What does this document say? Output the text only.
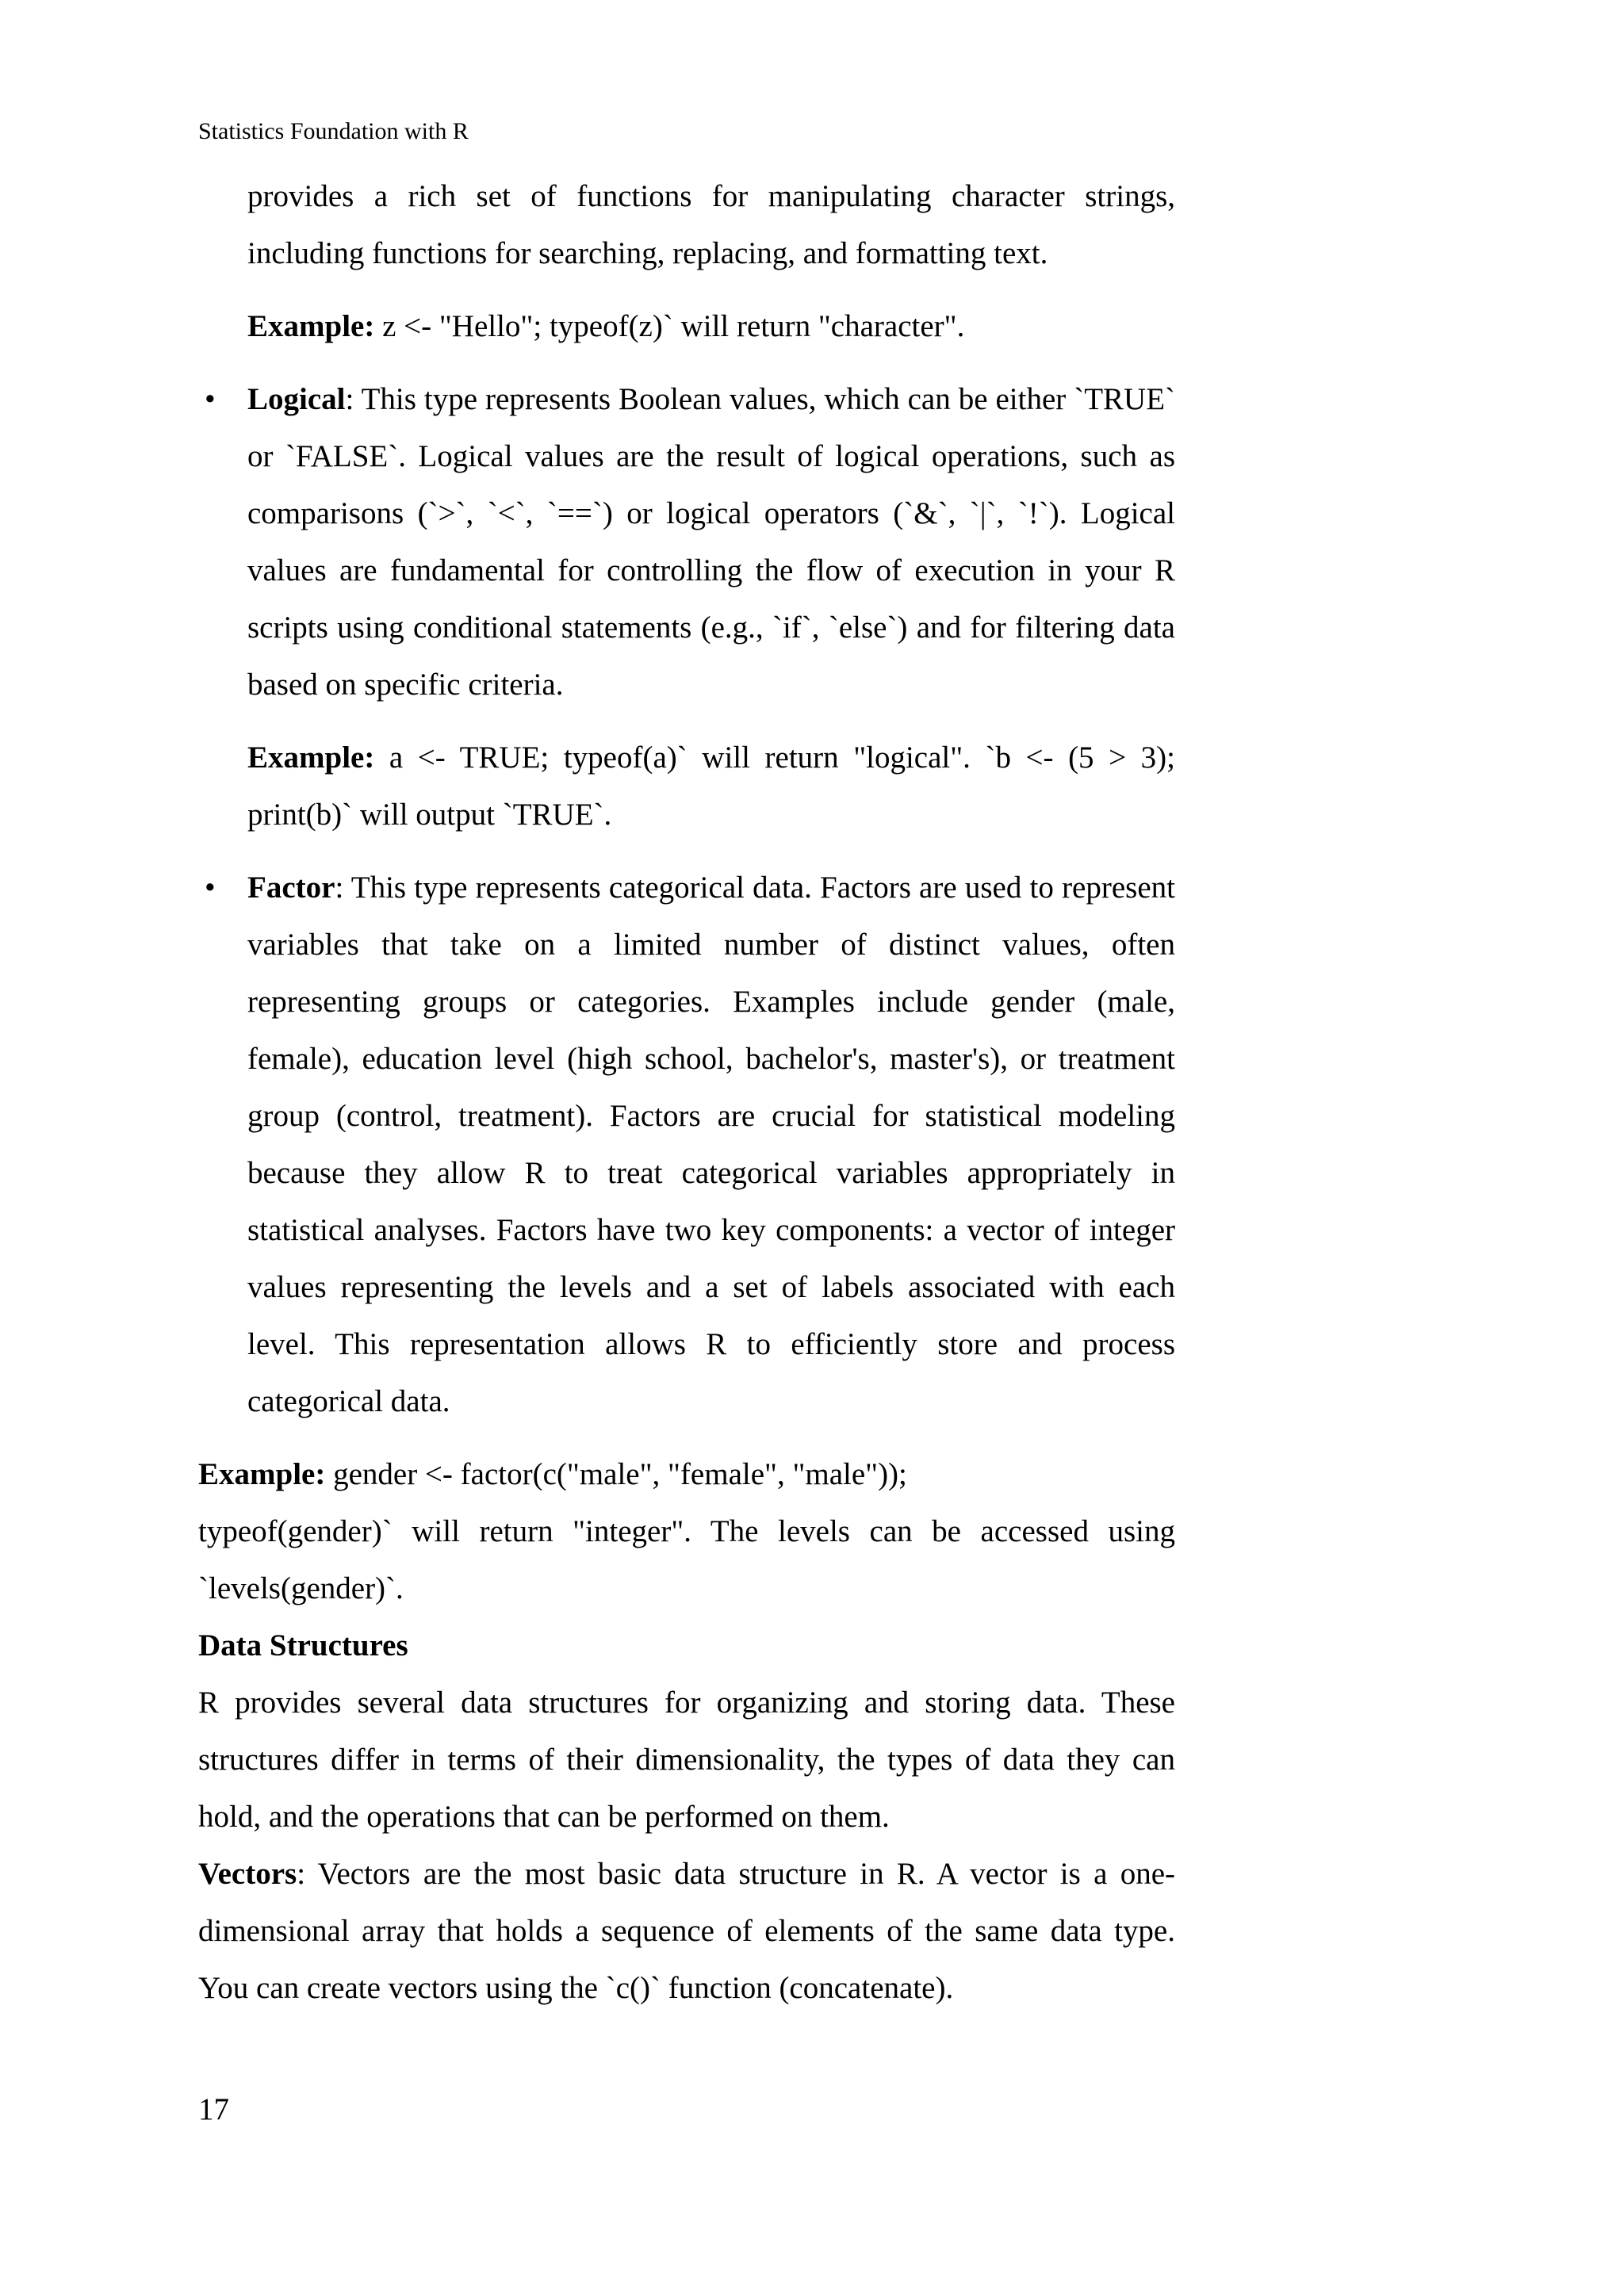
Statistics Foundation with R

provides a rich set of functions for manipulating character strings, including functions for searching, replacing, and formatting text.

Example: z <- "Hello"; typeof(z)` will return "character".

• Logical: This type represents Boolean values, which can be either `TRUE` or `FALSE`. Logical values are the result of logical operations, such as comparisons (`>`, `<`, `==`) or logical operators (`&`, `|`, `!`). Logical values are fundamental for controlling the flow of execution in your R scripts using conditional statements (e.g., `if`, `else`) and for filtering data based on specific criteria.

Example: a <- TRUE; typeof(a)` will return "logical". `b <- (5 > 3); print(b)` will output `TRUE`.

• Factor: This type represents categorical data. Factors are used to represent variables that take on a limited number of distinct values, often representing groups or categories. Examples include gender (male, female), education level (high school, bachelor's, master's), or treatment group (control, treatment). Factors are crucial for statistical modeling because they allow R to treat categorical variables appropriately in statistical analyses. Factors have two key components: a vector of integer values representing the levels and a set of labels associated with each level. This representation allows R to efficiently store and process categorical data.

Example: gender <- factor(c("male", "female", "male"));

typeof(gender)` will return "integer". The levels can be accessed using `levels(gender)`.

Data Structures

R provides several data structures for organizing and storing data. These structures differ in terms of their dimensionality, the types of data they can hold, and the operations that can be performed on them.

Vectors: Vectors are the most basic data structure in R. A vector is a one-dimensional array that holds a sequence of elements of the same data type. You can create vectors using the `c()` function (concatenate).

17
